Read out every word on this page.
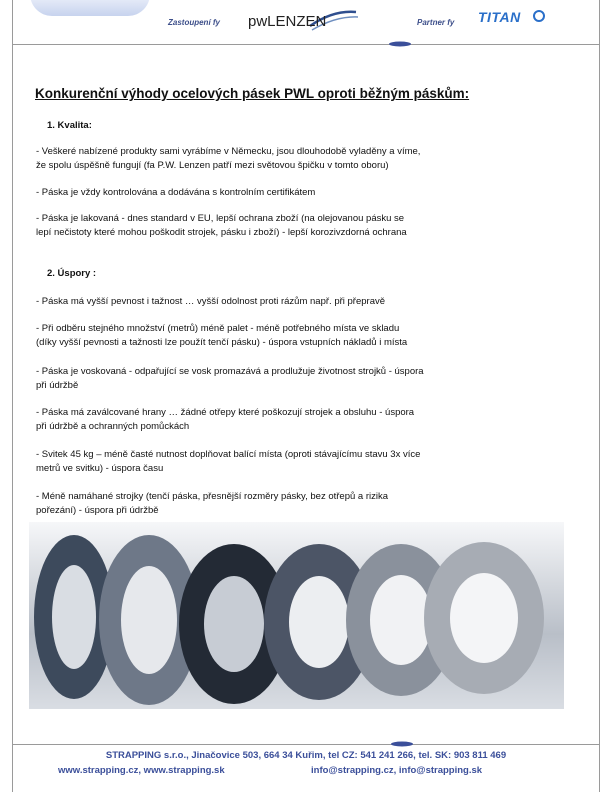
Zastoupení fy pwLENZEN	Partner fy TITAN
Konkurenční výhody ocelových pásek PWL oproti běžným páskům:
1. Kvalita:
- Veškeré nabízené produkty sami vyrábíme v Německu, jsou dlouhodobě vyladěny a víme,
že spolu úspěšně fungují (fa P.W. Lenzen patří mezi světovou špičku v tomto oboru)
- Páska je vždy kontrolována a dodávána s kontrolním certifikátem
- Páska je lakovaná - dnes standard v EU, lepší ochrana zboží (na olejovanou pásku se
lepí nečistoty které mohou poškodit strojek, pásku i zboží) - lepší korozivzdorná ochrana
2. Úspory :
- Páska má vyšší pevnost i tažnost … vyšší odolnost proti rázům např. při přepravě
- Při odběru stejného množství (metrů) méně palet - méně potřebného místa ve skladu
(díky vyšší pevnosti a tažnosti lze použít tenčí pásku) - úspora vstupních nákladů i místa
- Páska je voskovaná - odpařující se vosk promazává a prodlužuje životnost strojků - úspora
při údržbě
- Páska má zaválcované hrany … žádné otřepy které poškozují strojek a obsluhu - úspora
při údržbě a ochranných pomůckách
- Svitek 45 kg – méně časté nutnost doplňovat balící místa (oproti stávajícímu stavu 3x více
metrů ve svitku) - úspora času
- Méně namáhané strojky (tenčí páska, přesnější rozměry pásky, bez otřepů a rizika
pořezání) - úspora při údržbě
STRAPPING s.r.o., Jinačovice 503, 664 34 Kuřim, tel CZ: 541 241 266, tel. SK: 903 811 469
www.strapping.cz, www.strapping.sk	info@strapping.cz, info@strapping.sk
